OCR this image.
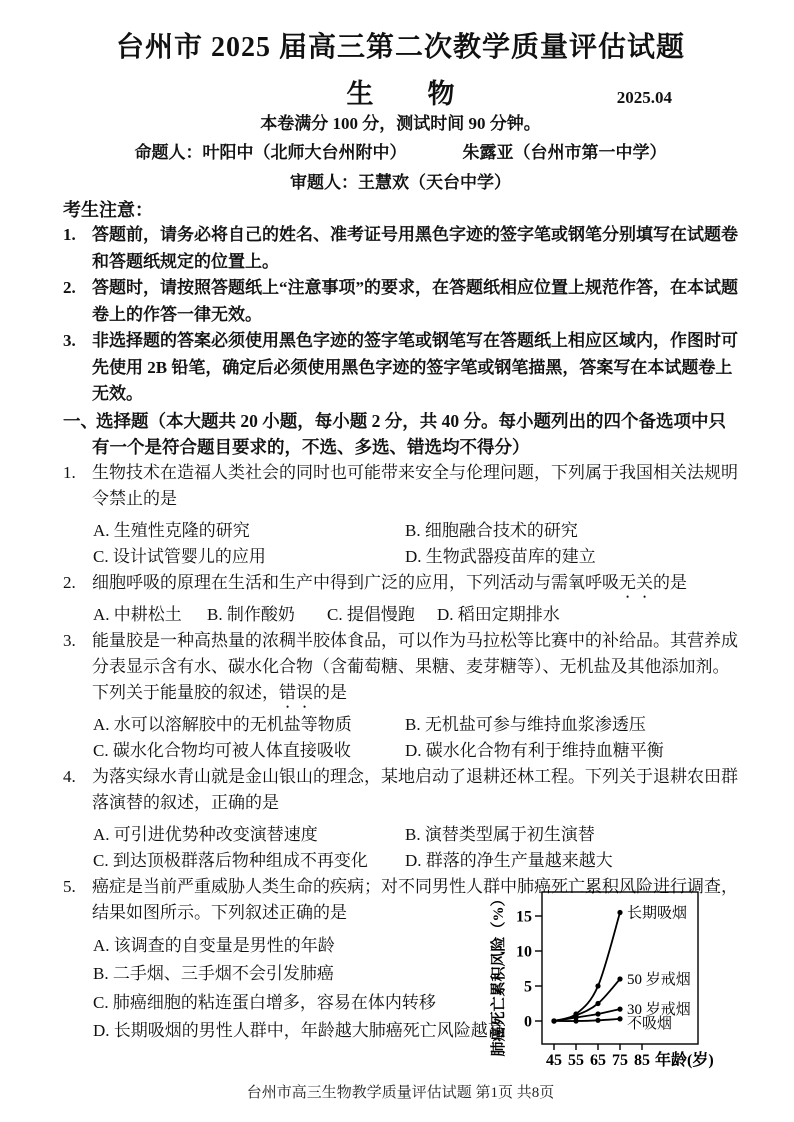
台州市 2025 届高三第二次教学质量评估试题
生　　物	2025.04
本卷满分 100 分，测试时间 90 分钟。
命题人：叶阳中（北师大台州附中）	朱露亚（台州市第一中学）
审题人：王慧欢（天台中学）
考生注意：

1. 答题前，请务必将自己的姓名、准考证号用黑色字迹的签字笔或钢笔分别填写在试题卷和答题纸规定的位置上。

2. 答题时，请按照答题纸上“注意事项”的要求，在答题纸相应位置上规范作答，在本试题卷上的作答一律无效。

3. 非选择题的答案必须使用黑色字迹的签字笔或钢笔写在答题纸上相应区域内，作图时可先使用 2B 铅笔，确定后必须使用黑色字迹的签字笔或钢笔描黑，答案写在本试题卷上无效。

一、选择题（本大题共 20 小题，每小题 2 分，共 40 分。每小题列出的四个备选项中只有一个是符合题目要求的，不选、多选、错选均不得分）

1. 生物技术在造福人类社会的同时也可能带来安全与伦理问题，下列属于我国相关法规明令禁止的是

A. 生殖性克隆的研究	B. 细胞融合技术的研究
C. 设计试管婴儿的应用	D. 生物武器疫苗库的建立

2. 细胞呼吸的原理在生活和生产中得到广泛的应用，下列活动与需氧呼吸无关的是

A. 中耕松土	B. 制作酸奶	C. 提倡慢跑	D. 稻田定期排水

3. 能量胶是一种高热量的浓稠半胶体食品，可以作为马拉松等比赛中的补给品。其营养成分表显示含有水、碳水化合物（含葡萄糖、果糖、麦芽糖等）、无机盐及其他添加剂。下列关于能量胶的叙述，错误的是

A. 水可以溶解胶中的无机盐等物质	B. 无机盐可参与维持血浆渗透压
C. 碳水化合物均可被人体直接吸收	D. 碳水化合物有利于维持血糖平衡

4. 为落实绿水青山就是金山银山的理念，某地启动了退耕还林工程。下列关于退耕农田群落演替的叙述，正确的是

A. 可引进优势种改变演替速度	B. 演替类型属于初生演替
C. 到达顶极群落后物种组成不再变化	D. 群落的净生产量越来越大

5. 癌症是当前严重威胁人类生命的疾病；对不同男性人群中肺癌死亡累积风险进行调查，结果如图所示。下列叙述正确的是

A. 该调查的自变量是男性的年龄

B. 二手烟、三手烟不会引发肺癌

C. 肺癌细胞的粘连蛋白增多，容易在体内转移

D. 长期吸烟的男性人群中，年龄越大肺癌死亡风险越高	0
5
10
15
45 55 65 75 85 年龄(岁)
肺癌死亡累积风险（%）	长期吸烟
50 岁戒烟
30 岁戒烟
不吸烟
台州市高三生物教学质量评估试题 第1页 共8页
